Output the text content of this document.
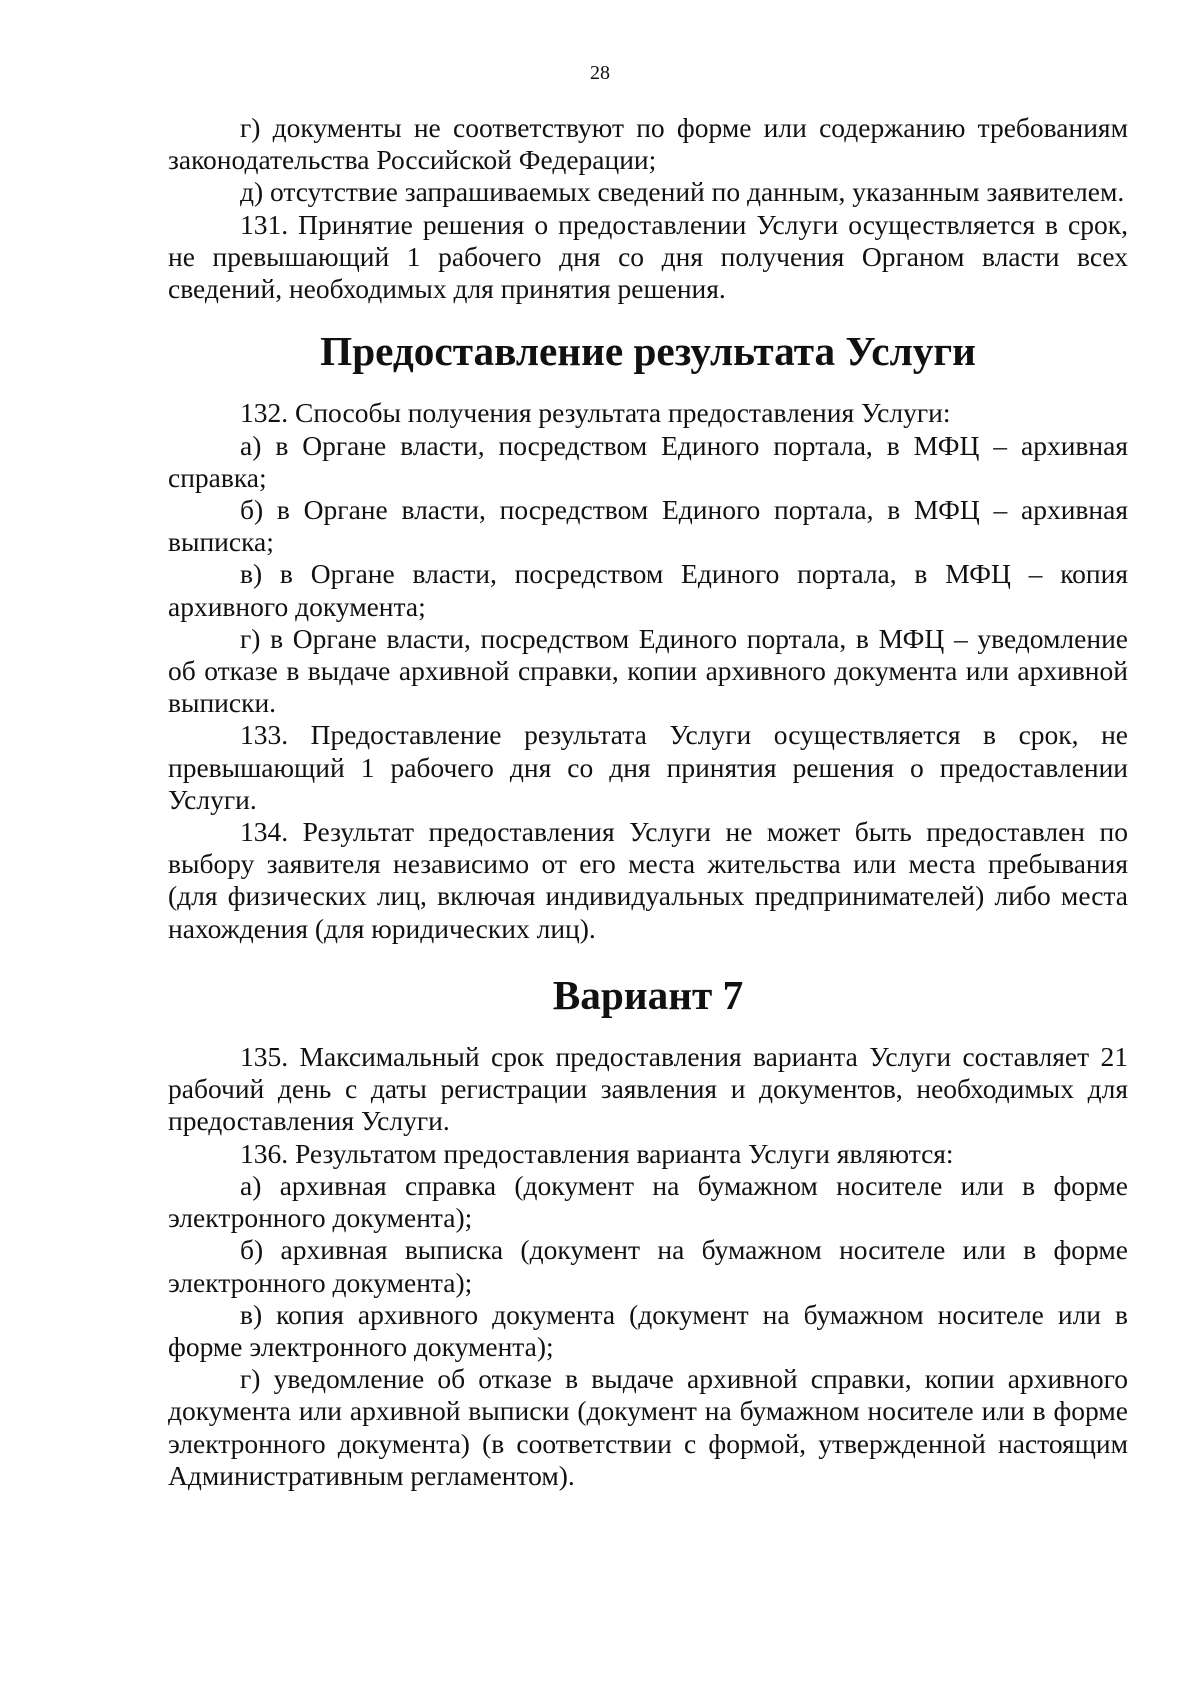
28

г) документы не соответствуют по форме или содержанию требованиям законодательства Российской Федерации;

д) отсутствие запрашиваемых сведений по данным, указанным заявителем.

131. Принятие решения о предоставлении Услуги осуществляется в срок, не превышающий 1 рабочего дня со дня получения Органом власти всех сведений, необходимых для принятия решения.

Предоставление результата Услуги

132. Способы получения результата предоставления Услуги:

а) в Органе власти, посредством Единого портала, в МФЦ – архивная справка;

б) в Органе власти, посредством Единого портала, в МФЦ – архивная выписка;

в) в Органе власти, посредством Единого портала, в МФЦ – копия архивного документа;

г) в Органе власти, посредством Единого портала, в МФЦ – уведомление об отказе в выдаче архивной справки, копии архивного документа или архивной выписки.

133. Предоставление результата Услуги осуществляется в срок, не превышающий 1 рабочего дня со дня принятия решения о предоставлении Услуги.

134. Результат предоставления Услуги не может быть предоставлен по выбору заявителя независимо от его места жительства или места пребывания (для физических лиц, включая индивидуальных предпринимателей) либо места нахождения (для юридических лиц).

Вариант 7

135. Максимальный срок предоставления варианта Услуги составляет 21 рабочий день с даты регистрации заявления и документов, необходимых для предоставления Услуги.

136. Результатом предоставления варианта Услуги являются:

а) архивная справка (документ на бумажном носителе или в форме электронного документа);

б) архивная выписка (документ на бумажном носителе или в форме электронного документа);

в) копия архивного документа (документ на бумажном носителе или в форме электронного документа);

г) уведомление об отказе в выдаче архивной справки, копии архивного документа или архивной выписки (документ на бумажном носителе или в форме электронного документа) (в соответствии с формой, утвержденной настоящим Административным регламентом).
